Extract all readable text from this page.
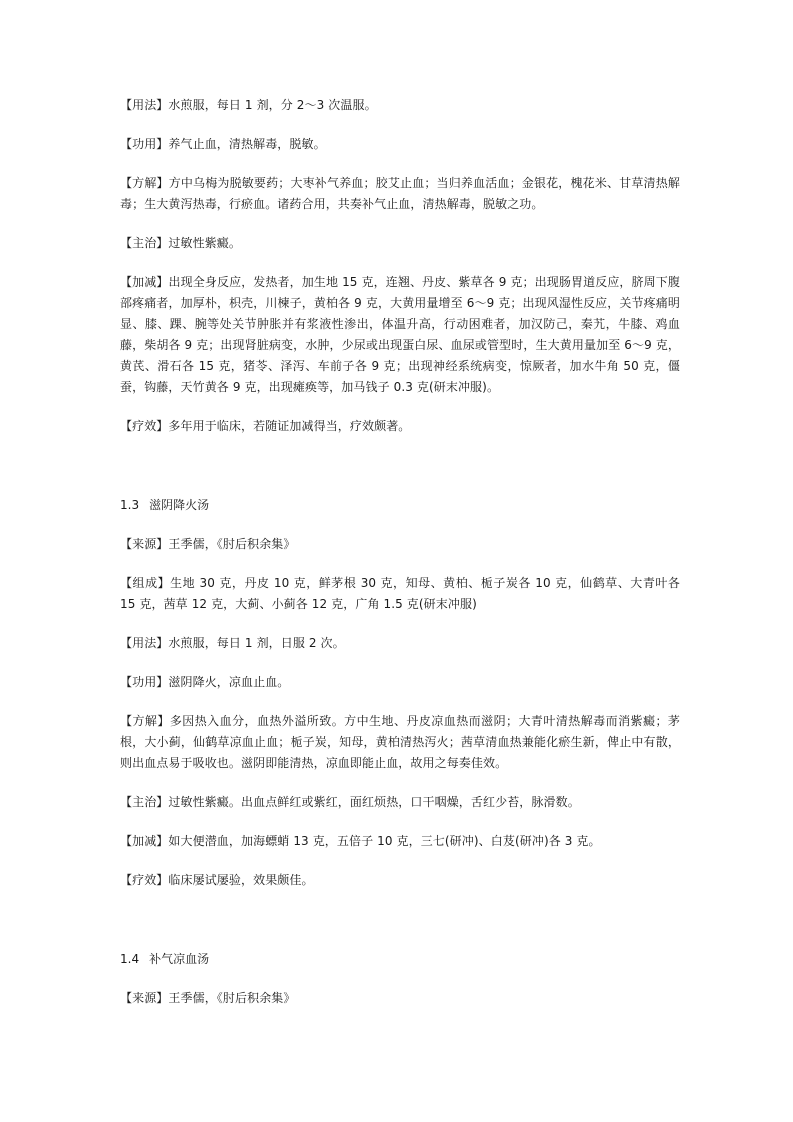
【用法】水煎服，每日 1 剂，分 2～3 次温服。

【功用】养气止血，清热解毒，脱敏。

【方解】方中乌梅为脱敏要药；大枣补气养血；胶艾止血；当归养血活血；金银花，槐花米、甘草清热解毒；生大黄泻热毒，行瘀血。诸药合用，共奏补气止血，清热解毒，脱敏之功。

【主治】过敏性紫癜。

【加减】出现全身反应，发热者，加生地 15 克，连翘、丹皮、紫草各 9 克；出现肠胃道反应，脐周下腹部疼痛者，加厚朴，枳壳，川楝子，黄柏各 9 克，大黄用量增至 6～9 克；出现风湿性反应，关节疼痛明显、膝、踝、腕等处关节肿胀并有浆液性渗出，体温升高，行动困难者，加汉防己，秦艽，牛膝、鸡血藤，柴胡各 9 克；出现肾脏病变，水肿，少尿或出现蛋白尿、血尿或管型时，生大黄用量加至 6～9 克，黄芪、滑石各 15 克，猪苓、泽泻、车前子各 9 克；出现神经系统病变，惊厥者，加水牛角 50 克，僵蚕，钩藤，天竹黄各 9 克，出现瘫痪等，加马钱子 0.3 克(研末冲服)。

【疗效】多年用于临床，若随证加减得当，疗效颇著。

1.3 滋阴降火汤

【来源】王季儒，《肘后积余集》

【组成】生地 30 克，丹皮 10 克，鲜茅根 30 克，知母、黄柏、栀子炭各 10 克，仙鹤草、大青叶各 15 克，茜草 12 克，大蓟、小蓟各 12 克，广角 1.5 克(研末冲服)

【用法】水煎服，每日 1 剂，日服 2 次。

【功用】滋阴降火，凉血止血。

【方解】多因热入血分，血热外溢所致。方中生地、丹皮凉血热而滋阴；大青叶清热解毒而消紫癜；茅根，大小蓟，仙鹤草凉血止血；栀子炭，知母，黄柏清热泻火；茜草清血热兼能化瘀生新，俾止中有散，则出血点易于吸收也。滋阴即能清热，凉血即能止血，故用之每奏佳效。

【主治】过敏性紫癜。出血点鲜红或紫红，面红烦热，口干咽燥，舌红少苔，脉滑数。

【加减】如大便潜血，加海螵蛸 13 克，五倍子 10 克，三七(研冲)、白芨(研冲)各 3 克。

【疗效】临床屡试屡验，效果颇佳。

1.4 补气凉血汤

【来源】王季儒，《肘后积余集》
